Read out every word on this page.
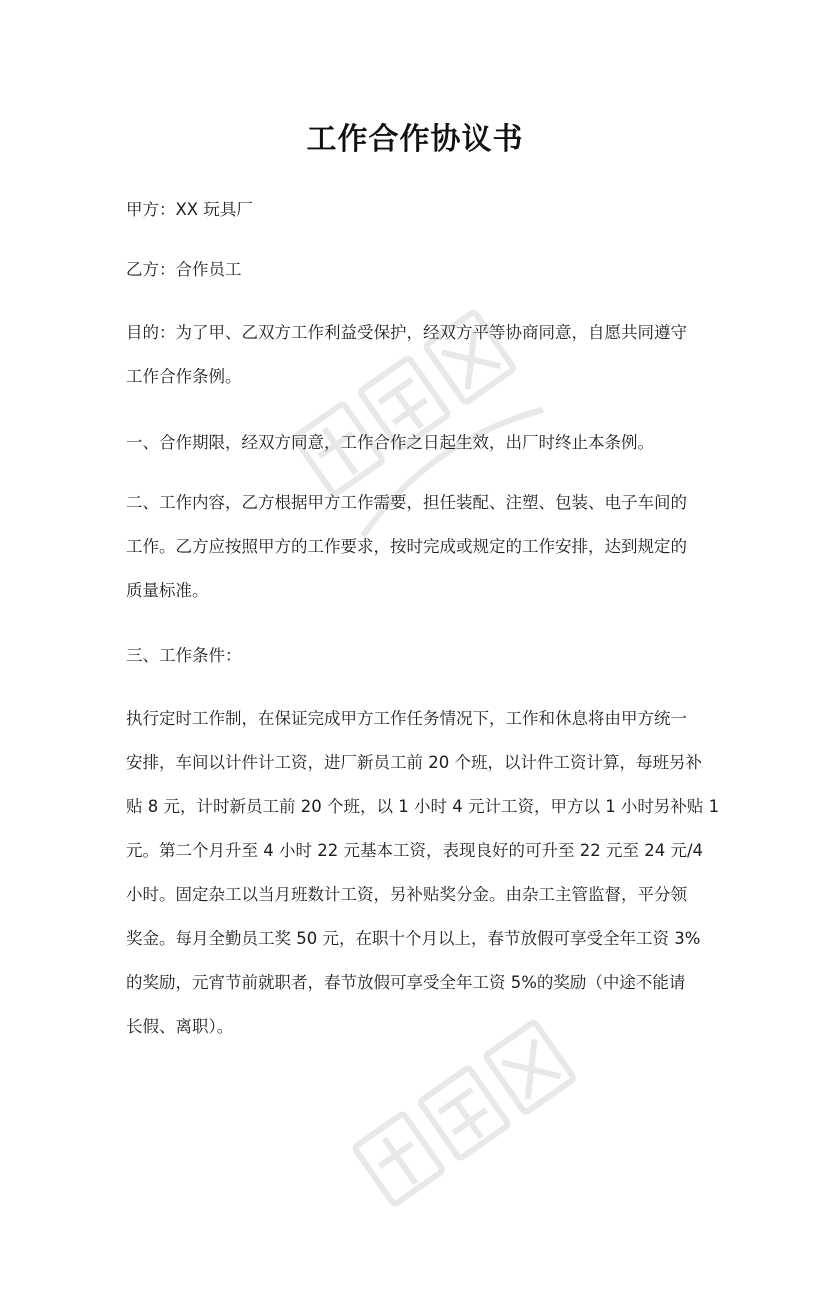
工作合作协议书
甲方：XX 玩具厂
乙方：合作员工
目的：为了甲、乙双方工作利益受保护，经双方平等协商同意，自愿共同遵守
工作合作条例。
一、合作期限，经双方同意，工作合作之日起生效，出厂时终止本条例。
二、工作内容，乙方根据甲方工作需要，担任装配、注塑、包装、电子车间的
工作。乙方应按照甲方的工作要求，按时完成或规定的工作安排，达到规定的
质量标准。
三、工作条件：
执行定时工作制，在保证完成甲方工作任务情况下，工作和休息将由甲方统一
安排，车间以计件计工资，进厂新员工前 20 个班，以计件工资计算，每班另补
贴 8 元，计时新员工前 20 个班，以 1 小时 4 元计工资，甲方以 1 小时另补贴 1
元。第二个月升至 4 小时 22 元基本工资，表现良好的可升至 22 元至 24 元/4
小时。固定杂工以当月班数计工资，另补贴奖分金。由杂工主管监督，平分领
奖金。每月全勤员工奖 50 元，在职十个月以上，春节放假可享受全年工资 3%
的奖励，元宵节前就职者，春节放假可享受全年工资 5%的奖励（中途不能请
长假、离职）。
